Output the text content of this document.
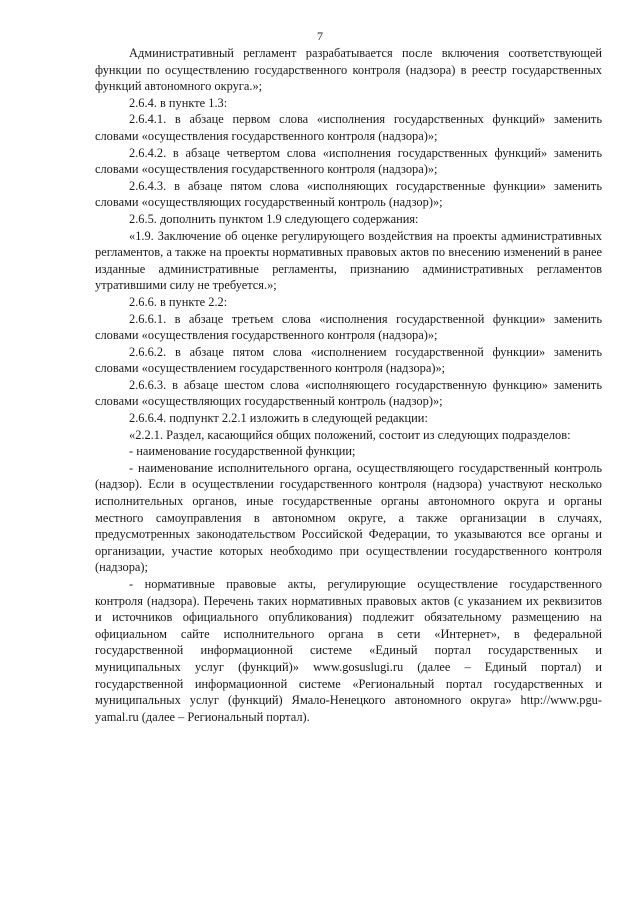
7

Административный регламент разрабатывается после включения соответствующей функции по осуществлению государственного контроля (надзора) в реестр государственных функций автономного округа.»;

2.6.4. в пункте 1.3:

2.6.4.1. в абзаце первом слова «исполнения государственных функций» заменить словами «осуществления государственного контроля (надзора)»;

2.6.4.2. в абзаце четвертом слова «исполнения государственных функций» заменить словами «осуществления государственного контроля (надзора)»;

2.6.4.3. в абзаце пятом слова «исполняющих государственные функции» заменить словами «осуществляющих государственный контроль (надзор)»;

2.6.5. дополнить пунктом 1.9 следующего содержания:

«1.9. Заключение об оценке регулирующего воздействия на проекты административных регламентов, а также на проекты нормативных правовых актов по внесению изменений в ранее изданные административные регламенты, признанию административных регламентов утратившими силу не требуется.»;

2.6.6. в пункте 2.2:

2.6.6.1. в абзаце третьем слова «исполнения государственной функции» заменить словами «осуществления государственного контроля (надзора)»;

2.6.6.2. в абзаце пятом слова «исполнением государственной функции» заменить словами «осуществлением государственного контроля (надзора)»;

2.6.6.3. в абзаце шестом слова «исполняющего государственную функцию» заменить словами «осуществляющих государственный контроль (надзор)»;

2.6.6.4. подпункт 2.2.1 изложить в следующей редакции:

«2.2.1. Раздел, касающийся общих положений, состоит из следующих подразделов:

- наименование государственной функции;

- наименование исполнительного органа, осуществляющего государственный контроль (надзор). Если в осуществлении государственного контроля (надзора) участвуют несколько исполнительных органов, иные государственные органы автономного округа и органы местного самоуправления в автономном округе, а также организации в случаях, предусмотренных законодательством Российской Федерации, то указываются все органы и организации, участие которых необходимо при осуществлении государственного контроля (надзора);

- нормативные правовые акты, регулирующие осуществление государственного контроля (надзора). Перечень таких нормативных правовых актов (с указанием их реквизитов и источников официального опубликования) подлежит обязательному размещению на официальном сайте исполнительного органа в сети «Интернет», в федеральной государственной информационной системе «Единый портал государственных и муниципальных услуг (функций)» www.gosuslugi.ru (далее – Единый портал) и государственной информационной системе «Региональный портал государственных и муниципальных услуг (функций) Ямало-Ненецкого автономного округа» http://www.pgu-yamal.ru (далее – Региональный портал).
